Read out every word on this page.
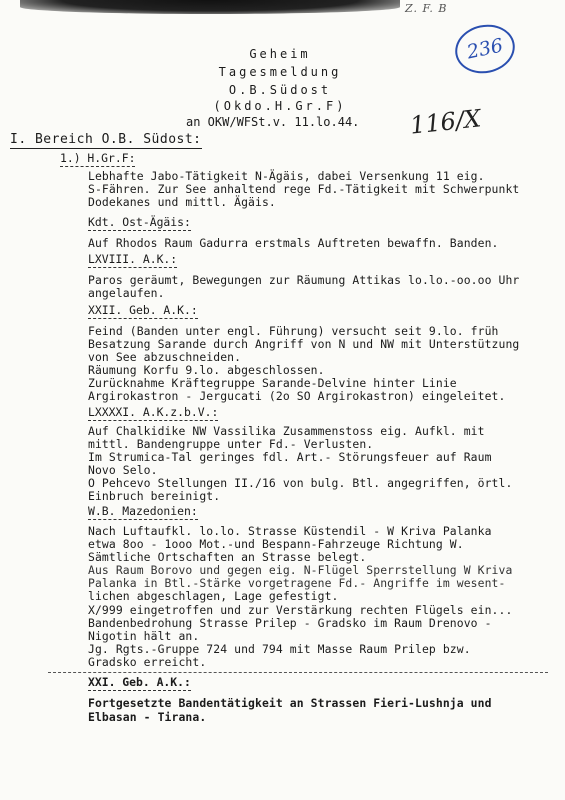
Z. F. B
236
116/X
Geheim
Tagesmeldung
O.B.Südost
(Okdo.H.Gr.F)
an OKW/WFSt.v. 11.lo.44.
I. Bereich O.B. Südost:
1.) H.Gr.F:
Lebhafte Jabo-Tätigkeit N-Ägäis, dabei Versenkung 11 eig.
S-Fähren. Zur See anhaltend rege Fd.-Tätigkeit mit Schwerpunkt
Dodekanes und mittl. Ägäis.
Kdt. Ost-Ägäis:
Auf Rhodos Raum Gadurra erstmals Auftreten bewaffn. Banden.
LXVIII. A.K.:
Paros geräumt, Bewegungen zur Räumung Attikas lo.lo.-oo.oo Uhr
angelaufen.
XXII. Geb. A.K.:
Feind (Banden unter engl. Führung) versucht seit 9.lo. früh
Besatzung Sarande durch Angriff von N und NW mit Unterstützung
von See abzuschneiden.
Räumung Korfu 9.lo. abgeschlossen.
Zurücknahme Kräftegruppe Sarande-Delvine hinter Linie
Argirokastron - Jergucati (2o SO Argirokastron) eingeleitet.
LXXXXI. A.K.z.b.V.:
Auf Chalkidike NW Vassilika Zusammenstoss eig. Aufkl. mit
mittl. Bandengruppe unter Fd.- Verlusten.
Im Strumica-Tal geringes fdl. Art.- Störungsfeuer auf Raum
Novo Selo.
O Pehcevo Stellungen II./16 von bulg. Btl. angegriffen, örtl.
Einbruch bereinigt.
W.B. Mazedonien:
Nach Luftaufkl. lo.lo. Strasse Küstendil - W Kriva Palanka
etwa 8oo - 1ooo Mot.-und Bespann-Fahrzeuge Richtung W.
Sämtliche Ortschaften an Strasse belegt.
Aus Raum Borovo und gegen eig. N-Flügel Sperrstellung W Kriva
Palanka in Btl.-Stärke vorgetragene Fd.- Angriffe im wesent-
lichen abgeschlagen, Lage gefestigt.
X/999 eingetroffen und zur Verstärkung rechten Flügels ein...
Bandenbedrohung Strasse Prilep - Gradsko im Raum Drenovo -
Nigotin hält an.
Jg. Rgts.-Gruppe 724 und 794 mit Masse Raum Prilep bzw.
Gradsko erreicht.
XXI. Geb. A.K.:
Fortgesetzte Bandentätigkeit an Strassen Fieri-Lushnja und
Elbasan - Tirana.
